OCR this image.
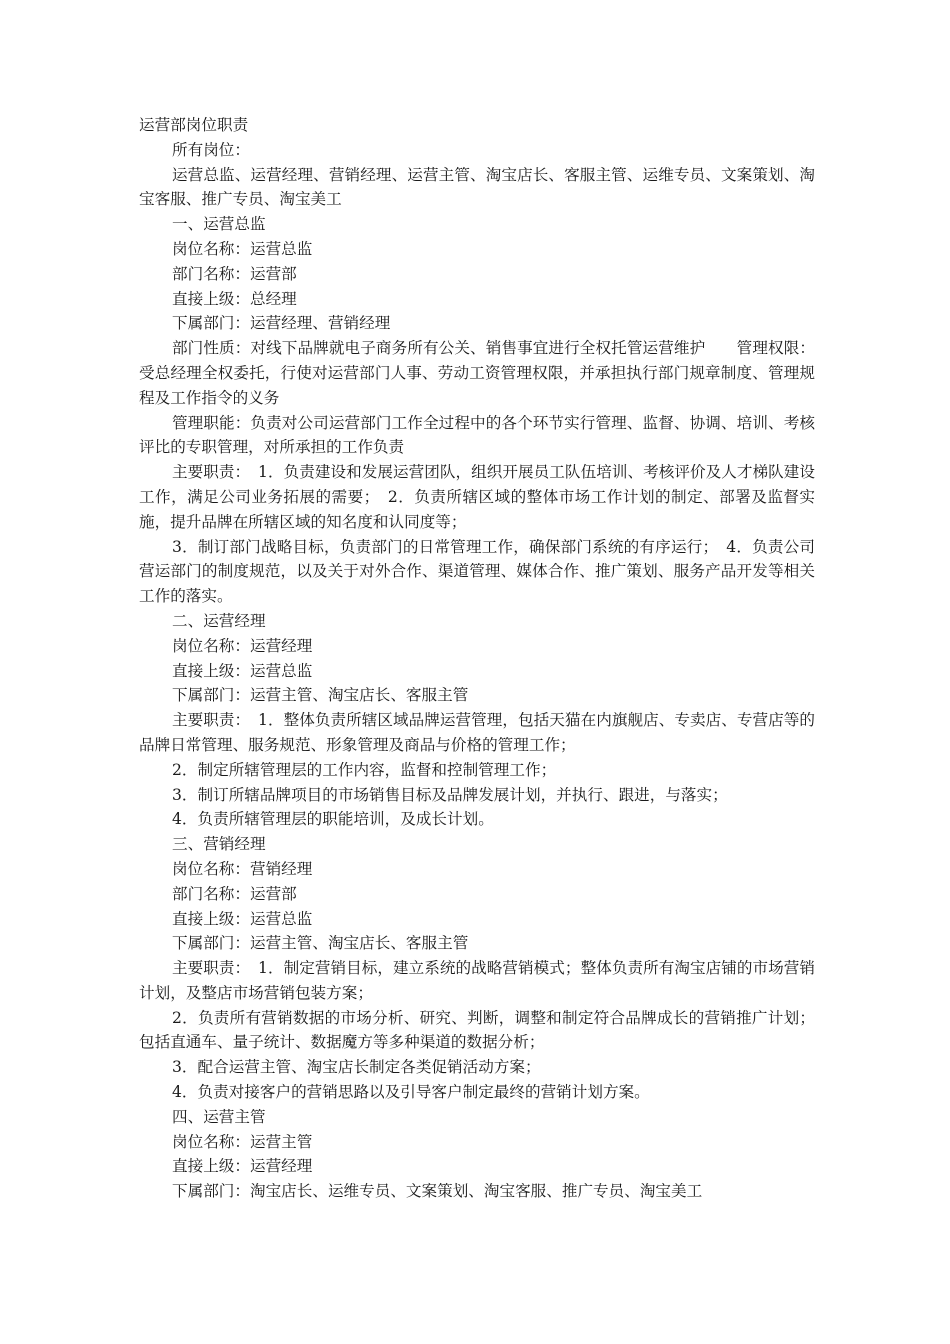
运营部岗位职责

所有岗位：

运营总监、运营经理、营销经理、运营主管、淘宝店长、客服主管、运维专员、文案策划、淘宝客服、推广专员、淘宝美工

一、运营总监

岗位名称：运营总监

部门名称：运营部

直接上级：总经理

下属部门：运营经理、营销经理

部门性质：对线下品牌就电子商务所有公关、销售事宜进行全权托管运营维护　　管理权限：受总经理全权委托，行使对运营部门人事、劳动工资管理权限，并承担执行部门规章制度、管理规程及工作指令的义务

管理职能：负责对公司运营部门工作全过程中的各个环节实行管理、监督、协调、培训、考核评比的专职管理，对所承担的工作负责

主要职责：　1．负责建设和发展运营团队，组织开展员工队伍培训、考核评价及人才梯队建设工作，满足公司业务拓展的需要；　2．负责所辖区域的整体市场工作计划的制定、部署及监督实施，提升品牌在所辖区域的知名度和认同度等；

3．制订部门战略目标，负责部门的日常管理工作，确保部门系统的有序运行；　4．负责公司营运部门的制度规范，以及关于对外合作、渠道管理、媒体合作、推广策划、服务产品开发等相关工作的落实。

二、运营经理

岗位名称：运营经理

直接上级：运营总监

下属部门：运营主管、淘宝店长、客服主管

主要职责：　1．整体负责所辖区域品牌运营管理，包括天猫在内旗舰店、专卖店、专营店等的品牌日常管理、服务规范、形象管理及商品与价格的管理工作；

2．制定所辖管理层的工作内容，监督和控制管理工作；

3．制订所辖品牌项目的市场销售目标及品牌发展计划，并执行、跟进，与落实；

4．负责所辖管理层的职能培训，及成长计划。

三、营销经理

岗位名称：营销经理

部门名称：运营部

直接上级：运营总监

下属部门：运营主管、淘宝店长、客服主管

主要职责：　1．制定营销目标，建立系统的战略营销模式；整体负责所有淘宝店铺的市场营销计划，及整店市场营销包装方案；

2．负责所有营销数据的市场分析、研究、判断，调整和制定符合品牌成长的营销推广计划；包括直通车、量子统计、数据魔方等多种渠道的数据分析；

3．配合运营主管、淘宝店长制定各类促销活动方案；

4．负责对接客户的营销思路以及引导客户制定最终的营销计划方案。

四、运营主管

岗位名称：运营主管

直接上级：运营经理

下属部门：淘宝店长、运维专员、文案策划、淘宝客服、推广专员、淘宝美工
